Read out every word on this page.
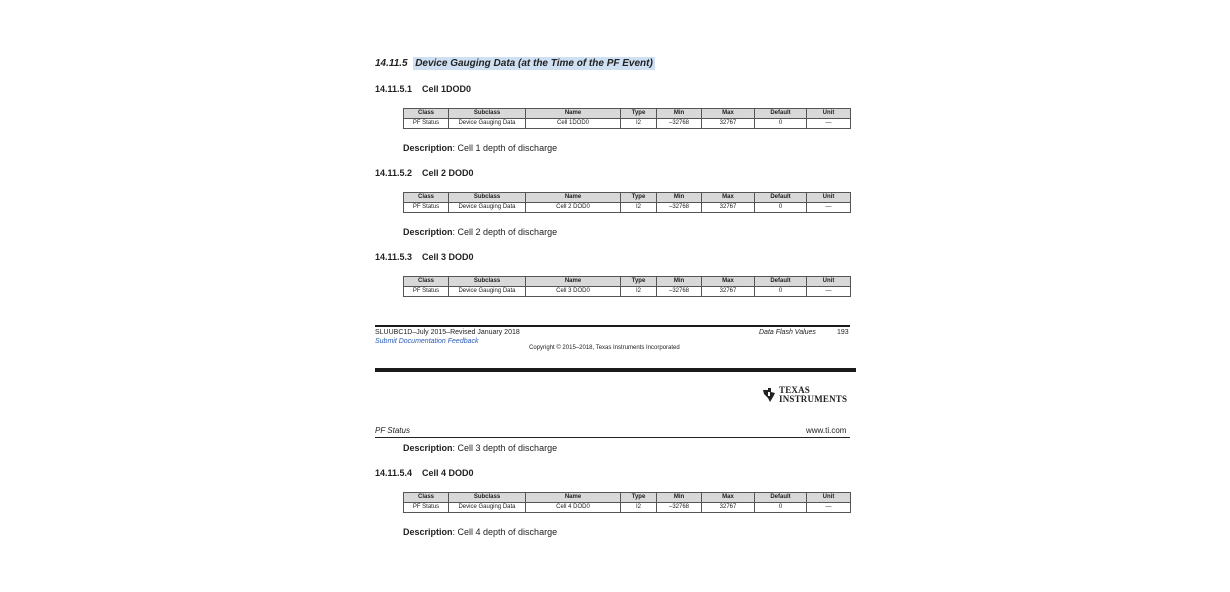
14.11.5 Device Gauging Data (at the Time of the PF Event)
14.11.5.1 Cell 1DOD0
Class	Subclass	Name	Type	Min	Max	Default	Unit
PF Status	Device Gauging Data	Cell 1DOD0	I2	–32768	32767	0	—
Description: Cell 1 depth of discharge
14.11.5.2 Cell 2 DOD0
Class	Subclass	Name	Type	Min	Max	Default	Unit
PF Status	Device Gauging Data	Cell 2 DOD0	I2	–32768	32767	0	—
Description: Cell 2 depth of discharge
14.11.5.3 Cell 3 DOD0
Class	Subclass	Name	Type	Min	Max	Default	Unit
PF Status	Device Gauging Data	Cell 3 DOD0	I2	–32768	32767	0	—
SLUUBC1D–July 2015–Revised January 2018
Submit Documentation Feedback
Data Flash Values	193
Copyright © 2015–2018, Texas Instruments Incorporated
TEXAS
INSTRUMENTS
PF Status	www.ti.com
Description: Cell 3 depth of discharge
14.11.5.4 Cell 4 DOD0
Class	Subclass	Name	Type	Min	Max	Default	Unit
PF Status	Device Gauging Data	Cell 4 DOD0	I2	–32768	32767	0	—
Description: Cell 4 depth of discharge
